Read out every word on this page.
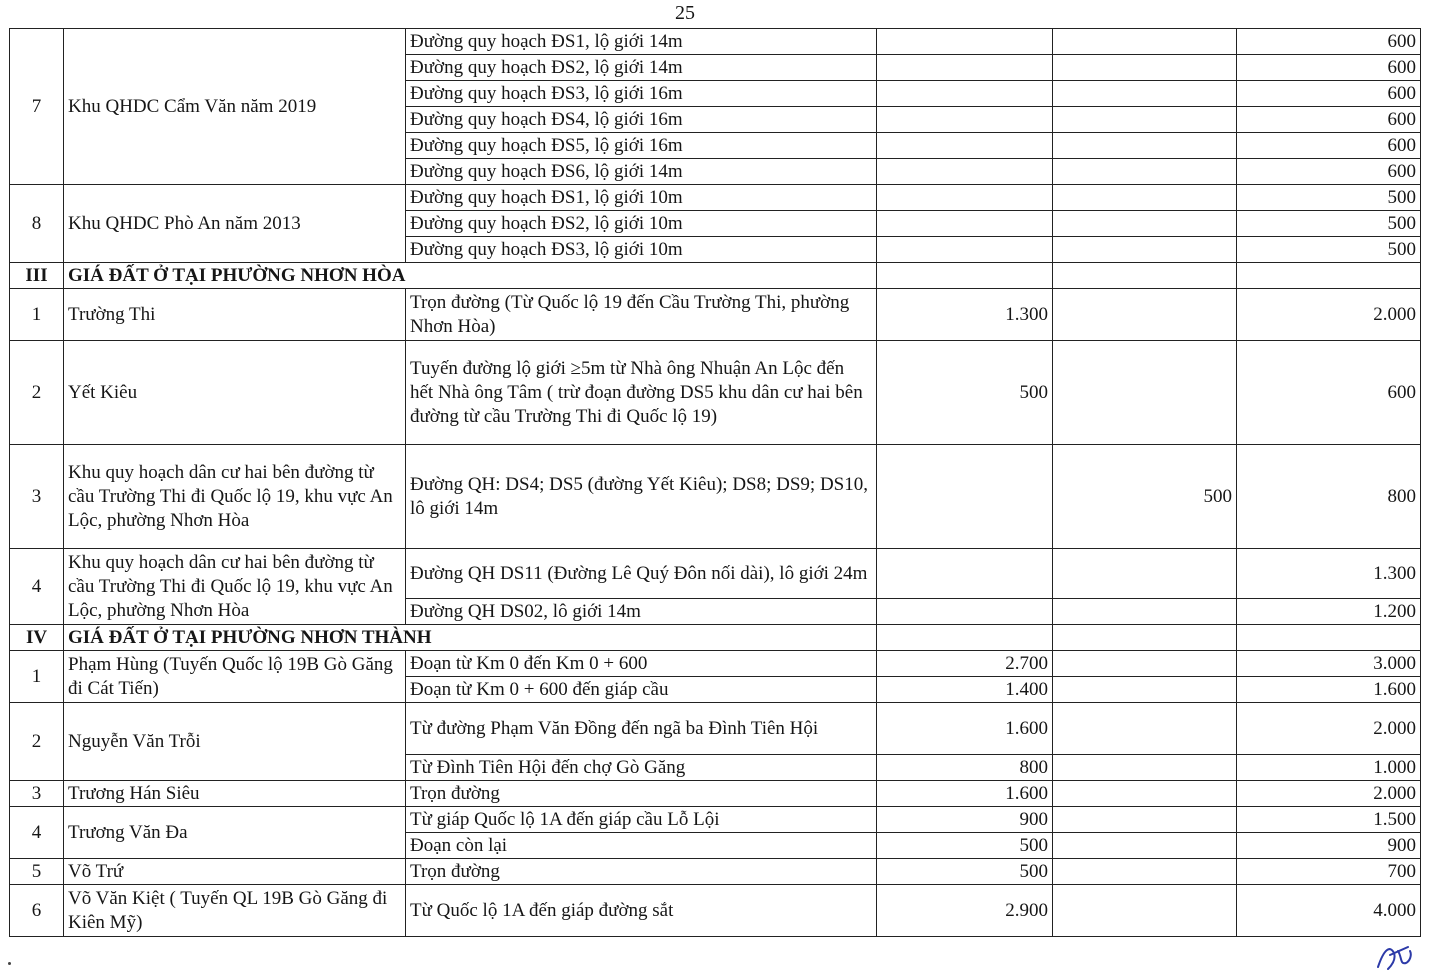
25
7	Khu QHDC Cẩm Văn năm 2019	Đường quy hoạch ĐS1, lộ giới 14m			600
		Đường quy hoạch ĐS2, lộ giới 14m			600
		Đường quy hoạch ĐS3, lộ giới 16m			600
		Đường quy hoạch ĐS4, lộ giới 16m			600
		Đường quy hoạch ĐS5, lộ giới 16m			600
		Đường quy hoạch ĐS6, lộ giới 14m			600
8	Khu QHDC Phò An năm 2013	Đường quy hoạch ĐS1, lộ giới 10m			500
		Đường quy hoạch ĐS2, lộ giới 10m			500
		Đường quy hoạch ĐS3, lộ giới 10m			500
III	GIÁ ĐẤT Ở TẠI PHƯỜNG NHƠN HÒA				
1	Trường Thi	Trọn đường (Từ Quốc lộ 19 đến Cầu Trường Thi, phường Nhơn Hòa)	1.300		2.000
2	Yết Kiêu	Tuyến đường lộ giới ≥5m từ Nhà ông Nhuận An Lộc đến hết Nhà ông Tâm ( trừ đoạn đường DS5 khu dân cư hai bên đường từ cầu Trường Thi đi Quốc lộ 19)	500		600
3	Khu quy hoạch dân cư hai bên đường từ cầu Trường Thi đi Quốc lộ 19, khu vực An Lộc, phường Nhơn Hòa	Đường QH: DS4; DS5 (đường Yết Kiêu); DS8; DS9; DS10, lô giới 14m		500	800
4	Khu quy hoạch dân cư hai bên đường từ cầu Trường Thi đi Quốc lộ 19, khu vực An Lộc, phường Nhơn Hòa	Đường QH DS11 (Đường Lê Quý Đôn nối dài), lô giới 24m			1.300
		Đường QH DS02, lô giới 14m			1.200
IV	GIÁ ĐẤT Ở TẠI PHƯỜNG NHƠN THÀNH				
1	Phạm Hùng (Tuyến Quốc lộ 19B Gò Găng đi Cát Tiến)	Đoạn từ Km 0 đến Km 0 + 600	2.700		3.000
		Đoạn từ Km 0 + 600 đến giáp cầu	1.400		1.600
2	Nguyễn Văn Trỗi	Từ đường Phạm Văn Đồng đến ngã ba Đình Tiên Hội	1.600		2.000
		Từ Đình Tiên Hội đến chợ Gò Găng	800		1.000
3	Trương Hán Siêu	Trọn đường	1.600		2.000
4	Trương Văn Đa	Từ giáp Quốc lộ 1A đến giáp cầu Lỗ Lội	900		1.500
		Đoạn còn lại	500		900
5	Võ Trứ	Trọn đường	500		700
6	Võ Văn Kiệt ( Tuyến QL 19B Gò Găng đi Kiên Mỹ)	Từ Quốc lộ 1A đến giáp đường sắt	2.900		4.000
